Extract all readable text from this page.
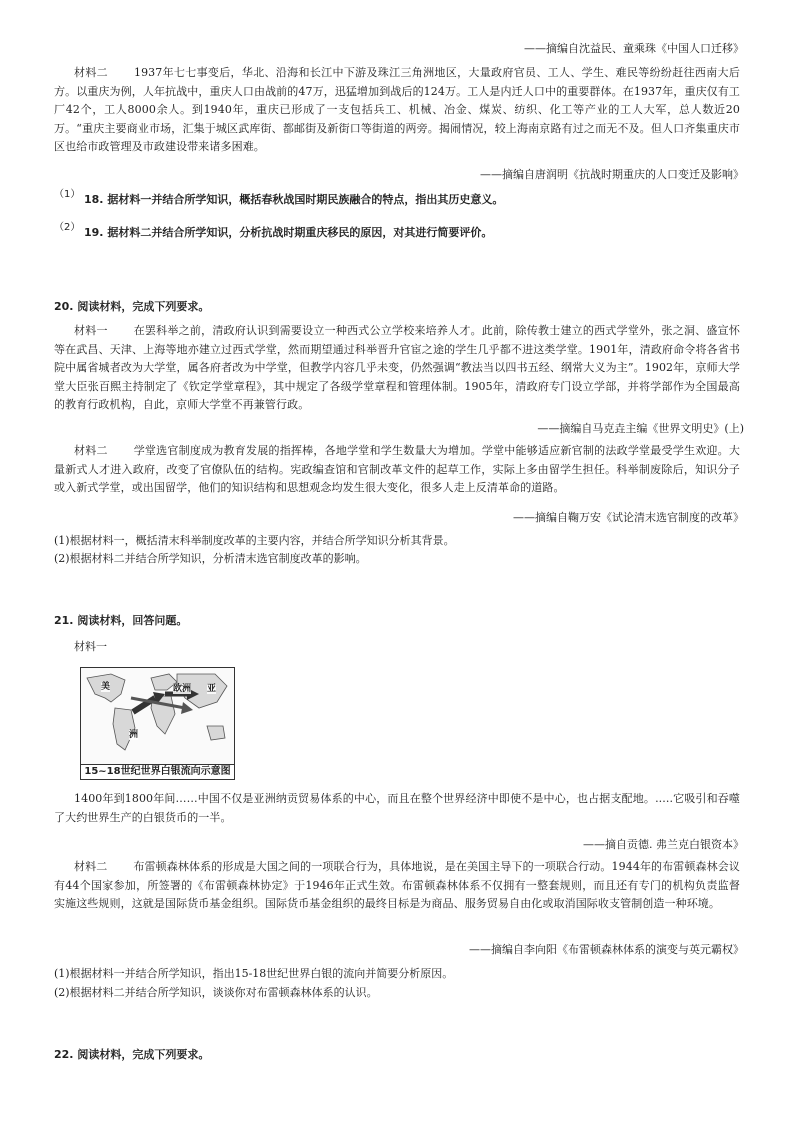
——摘编自沈益民、童乘珠《中国人口迁移》
材料二 1937年七七事变后，华北、沿海和长江中下游及珠江三角洲地区，大量政府官员、工人、学生、难民等纷纷赶往西南大后方。以重庆为例，人年抗战中，重庆人口由战前的47万，迅猛增加到战后的124万。工人是内迁人口中的重要群体。在1937年，重庆仅有工厂42个，工人8000余人。到1940年，重庆已形成了一支包括兵工、机械、冶金、煤炭、纺织、化工等产业的工人大军，总人数近20万。“重庆主要商业市场，汇集于城区武库街、都邮街及新街口等街道的两旁。揭闹情况，较上海南京路有过之而无不及。但人口齐集重庆市区也给市政管理及市政建设带来诸多困难。
——摘编自唐润明《抗战时期重庆的人口变迁及影响》
（1） 18. 据材料一并结合所学知识，概括春秋战国时期民族融合的特点，指出其历史意义。
（2） 19. 据材料二并结合所学知识，分析抗战时期重庆移民的原因，对其进行简要评价。
20. 阅读材料，完成下列要求。
材料一 在罢科举之前，清政府认识到需要设立一种西式公立学校来培养人才。此前，除传教士建立的西式学堂外，张之洞、盛宣怀等在武昌、天津、上海等地亦建立过西式学堂，然而期望通过科举晋升官宦之途的学生几乎都不进这类学堂。1901年，清政府命令将各省书院中属省城者改为大学堂，属各府者改为中学堂，但教学内容几乎未变，仍然强调“教法当以四书五经、纲常大义为主”。1902年，京师大学堂大臣张百熙主持制定了《钦定学堂章程》，其中规定了各级学堂章程和管理体制。1905年，清政府专门设立学部，并将学部作为全国最高的教育行政机构，自此，京师大学堂不再兼管行政。
——摘编自马克垚主编《世界文明史》(上)
材料二 学堂选官制度成为教育发展的指挥棒，各地学堂和学生数量大为增加。学堂中能够适应新官制的法政学堂最受学生欢迎。大量新式人才进入政府，改变了官僚队伍的结构。宪政编查馆和官制改革文件的起草工作，实际上多由留学生担任。科举制废除后，知识分子或入新式学堂，或出国留学，他们的知识结构和思想观念均发生很大变化，很多人走上反清革命的道路。
——摘编自鞠万安《试论清末选官制度的改革》
(1)根据材料一，概括清末科举制度改革的主要内容，并结合所学知识分析其背景。
(2)根据材料二并结合所学知识，分析清末选官制度改革的影响。
21. 阅读材料，回答问题。
材料一
美	欧洲 亚
洲
15~18世纪世界白银流向示意图
1400年到1800年间……中国不仅是亚洲纳贡贸易体系的中心，而且在整个世界经济中即使不是中心，也占据支配地。.....它吸引和吞噬了大约世界生产的白银货币的一半。
——摘自贡德. 弗兰克白银资本》
材料二 布雷顿森林体系的形成是大国之间的一项联合行为，具体地说，是在美国主导下的一项联合行动。1944年的布雷顿森林会议有44个国家参加，所签署的《布雷顿森林协定》于1946年正式生效。布雷顿森林体系不仅拥有一整套规则，而且还有专门的机构负责监督实施这些规则，这就是国际货币基金组织。国际货币基金组织的最终目标是为商品、服务贸易自由化或取消国际收支管制创造一种环境。
——摘编自李向阳《布雷顿森林体系的演变与英元霸权》
(1)根据材料一并结合所学知识，指出15-18世纪世界白银的流向并简要分析原因。
(2)根据材料二并结合所学知识，谈谈你对布雷顿森林体系的认识。
22. 阅读材料，完成下列要求。
